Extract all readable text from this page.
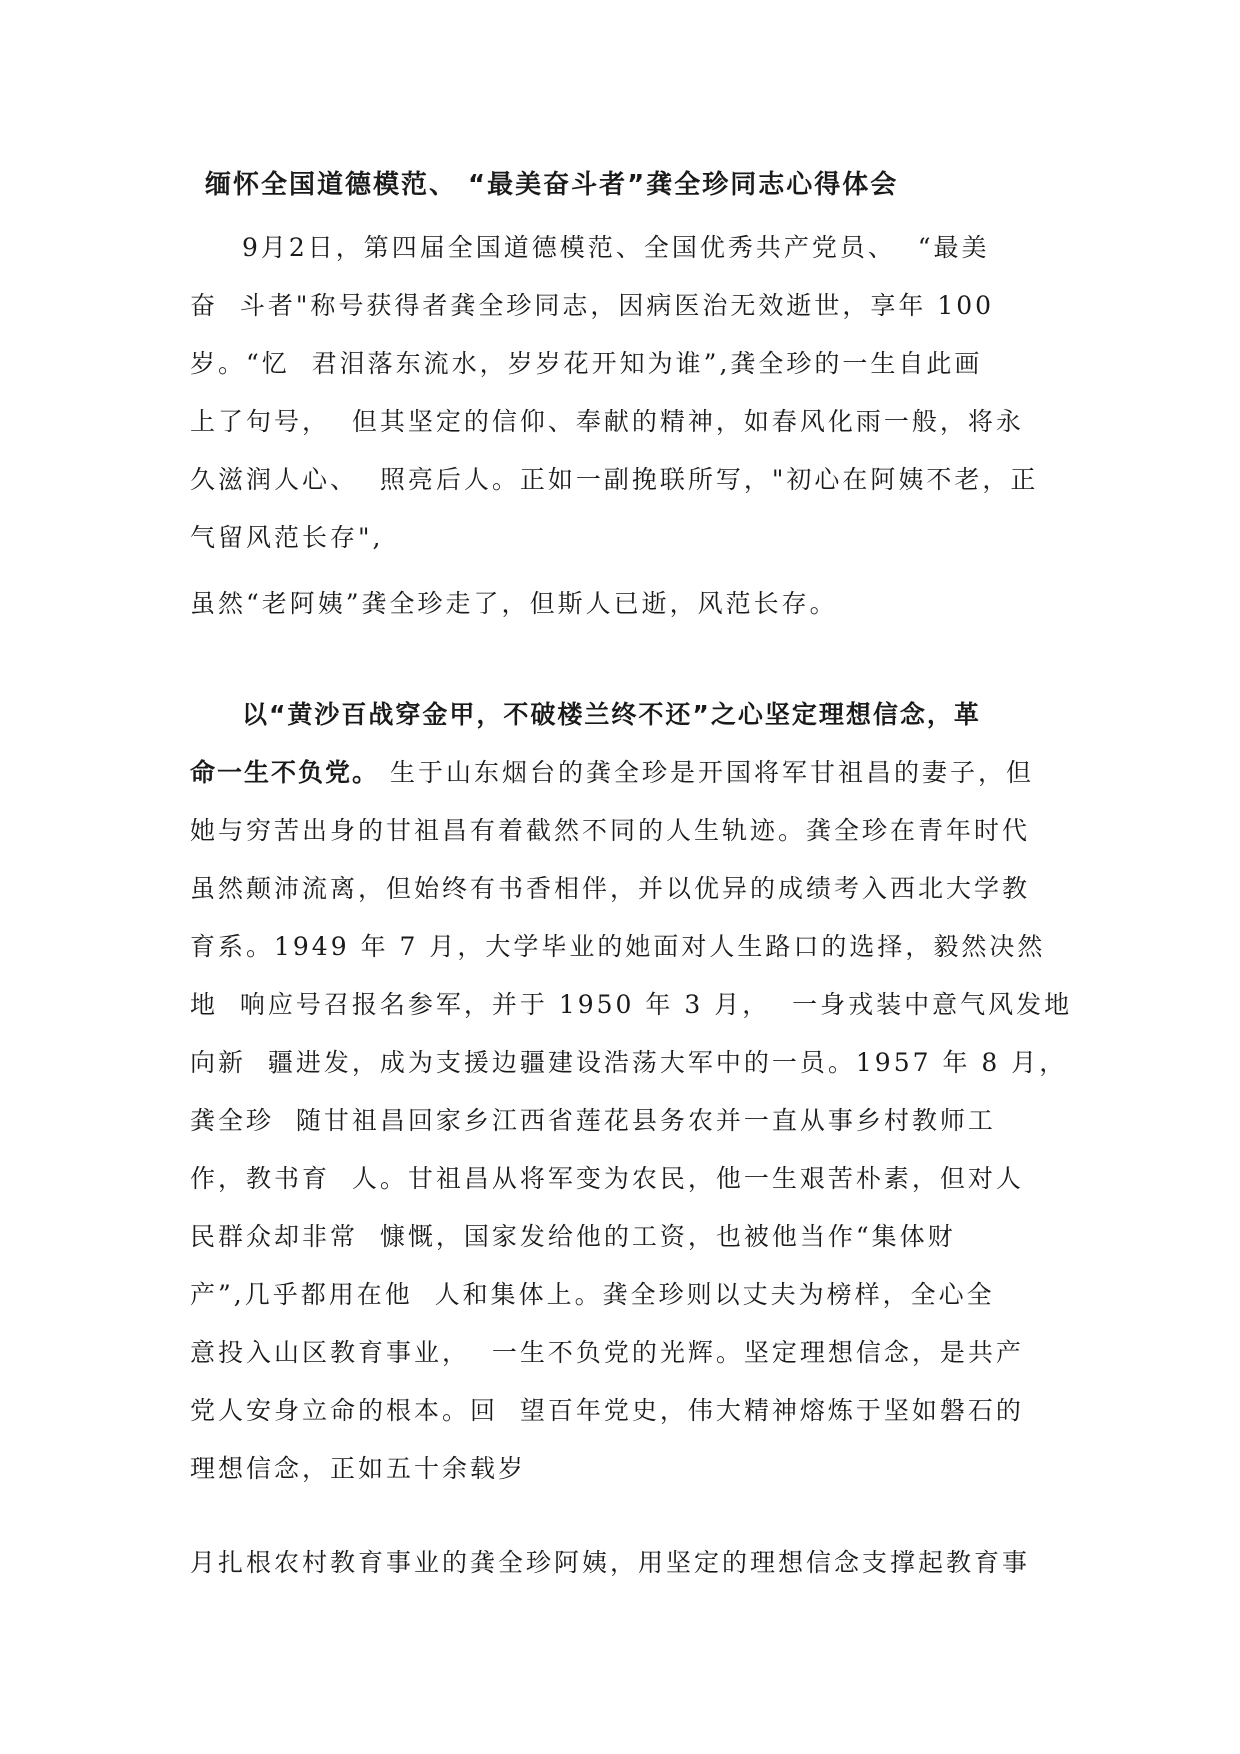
缅怀全国道德模范、 “最美奋斗者”龚全珍同志心得体会
9月2日，第四届全国道德模范、全国优秀共产党员、  “最美
奋  斗者"称号获得者龚全珍同志，因病医治无效逝世，享年 100
岁。“忆  君泪落东流水，岁岁花开知为谁”,龚全珍的一生自此画
上了句号，  但其坚定的信仰、奉献的精神，如春风化雨一般，将永
久滋润人心、  照亮后人。正如一副挽联所写，"初心在阿姨不老，正
气留风范长存",
虽然“老阿姨”龚全珍走了，但斯人已逝，风范长存。
以“黄沙百战穿金甲，不破楼兰终不还”之心坚定理想信念，革
命一生不负党。 生于山东烟台的龚全珍是开国将军甘祖昌的妻子，但
她与穷苦出身的甘祖昌有着截然不同的人生轨迹。龚全珍在青年时代
虽然颠沛流离，但始终有书香相伴，并以优异的成绩考入西北大学教
育系。1949 年 7 月，大学毕业的她面对人生路口的选择，毅然决然
地  响应号召报名参军，并于 1950 年 3 月，  一身戎装中意气风发地
向新  疆进发，成为支援边疆建设浩荡大军中的一员。1957 年 8 月，
龚全珍  随甘祖昌回家乡江西省莲花县务农并一直从事乡村教师工
作，教书育  人。甘祖昌从将军变为农民，他一生艰苦朴素，但对人
民群众却非常  慷慨，国家发给他的工资，也被他当作“集体财
产”,几乎都用在他  人和集体上。龚全珍则以丈夫为榜样，全心全
意投入山区教育事业，  一生不负党的光辉。坚定理想信念，是共产
党人安身立命的根本。回  望百年党史，伟大精神熔炼于坚如磐石的
理想信念，正如五十余载岁
月扎根农村教育事业的龚全珍阿姨，用坚定的理想信念支撑起教育事
